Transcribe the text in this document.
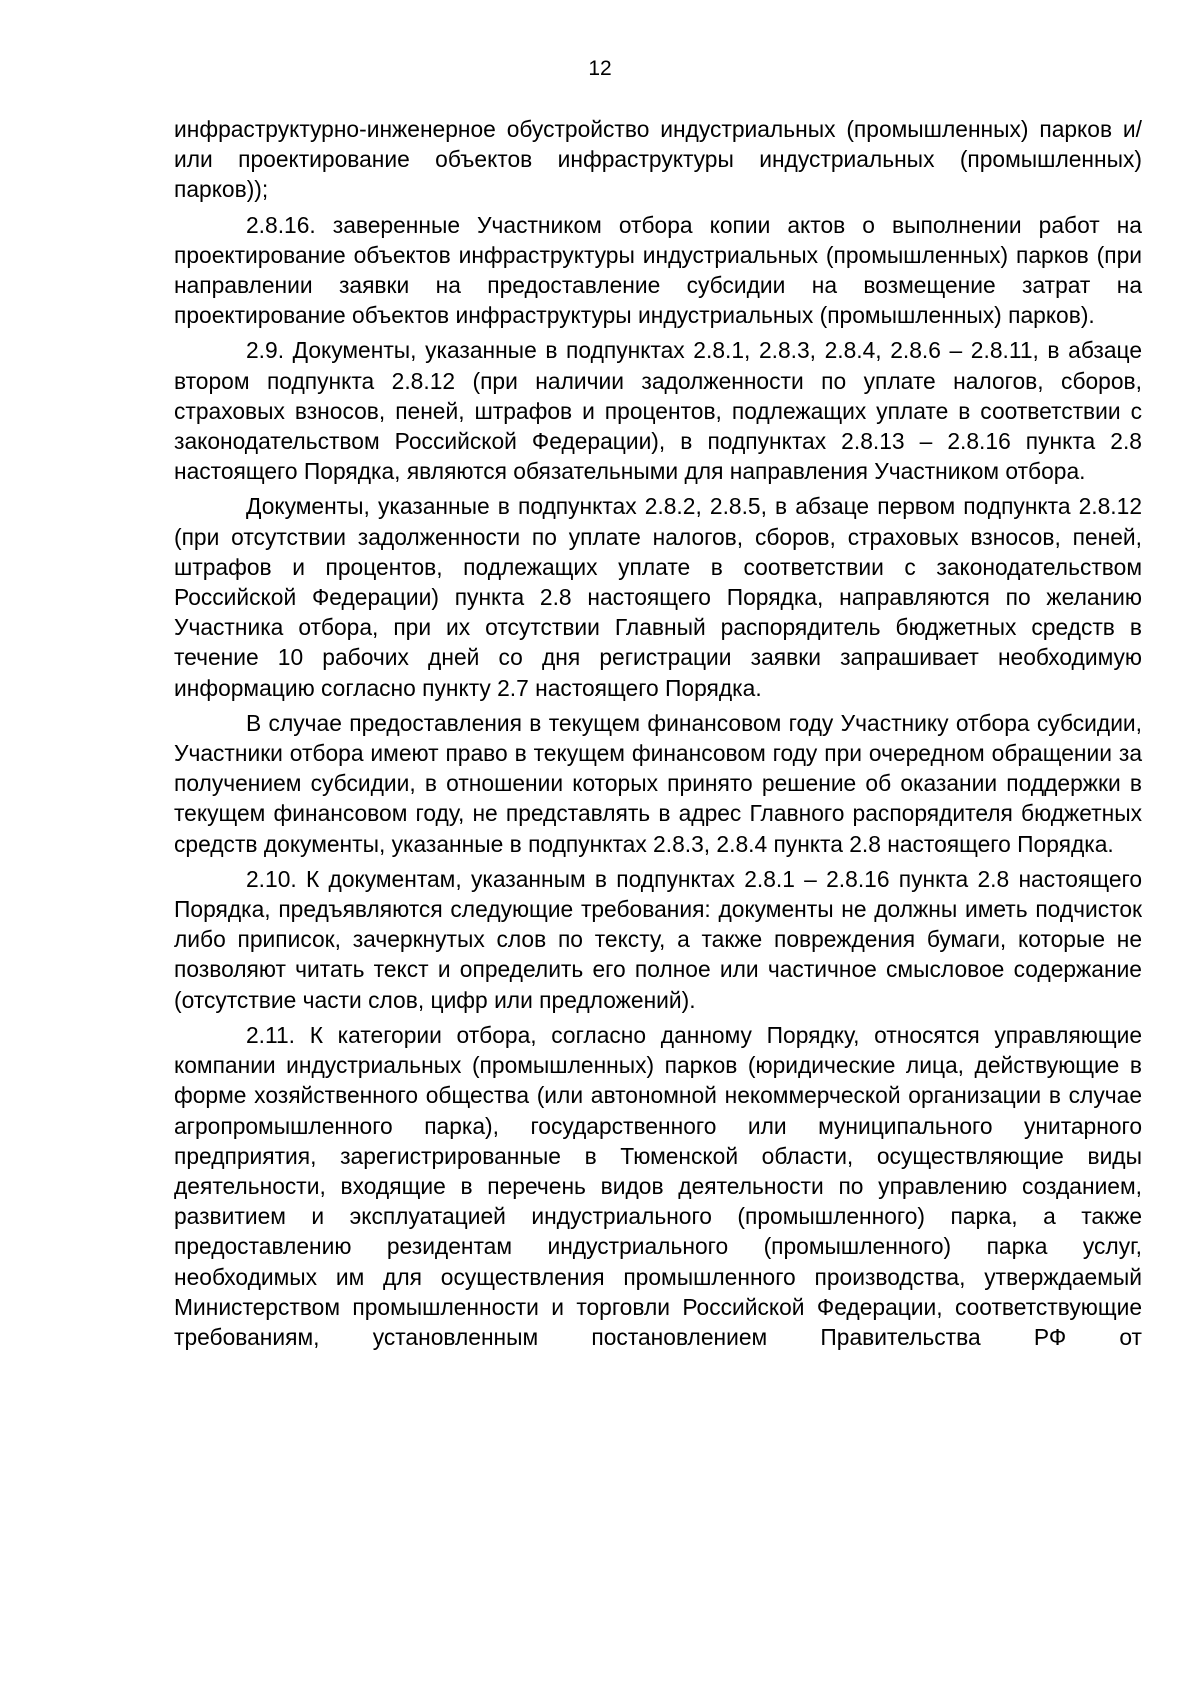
12

инфраструктурно-инженерное обустройство индустриальных (промышленных) парков и/или проектирование объектов инфраструктуры индустриальных (промышленных) парков));

2.8.16. заверенные Участником отбора копии актов о выполнении работ на проектирование объектов инфраструктуры индустриальных (промышленных) парков (при направлении заявки на предоставление субсидии на возмещение затрат на проектирование объектов инфраструктуры индустриальных (промышленных) парков).

2.9. Документы, указанные в подпунктах 2.8.1, 2.8.3, 2.8.4, 2.8.6 – 2.8.11, в абзаце втором подпункта 2.8.12 (при наличии задолженности по уплате налогов, сборов, страховых взносов, пеней, штрафов и процентов, подлежащих уплате в соответствии с законодательством Российской Федерации), в подпунктах 2.8.13 – 2.8.16 пункта 2.8 настоящего Порядка, являются обязательными для направления Участником отбора.

Документы, указанные в подпунктах 2.8.2, 2.8.5, в абзаце первом подпункта 2.8.12 (при отсутствии задолженности по уплате налогов, сборов, страховых взносов, пеней, штрафов и процентов, подлежащих уплате в соответствии с законодательством Российской Федерации) пункта 2.8 настоящего Порядка, направляются по желанию Участника отбора, при их отсутствии Главный распорядитель бюджетных средств в течение 10 рабочих дней со дня регистрации заявки запрашивает необходимую информацию согласно пункту 2.7 настоящего Порядка.

В случае предоставления в текущем финансовом году Участнику отбора субсидии, Участники отбора имеют право в текущем финансовом году при очередном обращении за получением субсидии, в отношении которых принято решение об оказании поддержки в текущем финансовом году, не представлять в адрес Главного распорядителя бюджетных средств документы, указанные в подпунктах 2.8.3, 2.8.4 пункта 2.8 настоящего Порядка.

2.10. К документам, указанным в подпунктах 2.8.1 – 2.8.16 пункта 2.8 настоящего Порядка, предъявляются следующие требования: документы не должны иметь подчисток либо приписок, зачеркнутых слов по тексту, а также повреждения бумаги, которые не позволяют читать текст и определить его полное или частичное смысловое содержание (отсутствие части слов, цифр или предложений).

2.11. К категории отбора, согласно данному Порядку, относятся управляющие компании индустриальных (промышленных) парков (юридические лица, действующие в форме хозяйственного общества (или автономной некоммерческой организации в случае агропромышленного парка), государственного или муниципального унитарного предприятия, зарегистрированные в Тюменской области, осуществляющие виды деятельности, входящие в перечень видов деятельности по управлению созданием, развитием и эксплуатацией индустриального (промышленного) парка, а также предоставлению резидентам индустриального (промышленного) парка услуг, необходимых им для осуществления промышленного производства, утверждаемый Министерством промышленности и торговли Российской Федерации, соответствующие требованиям, установленным постановлением Правительства РФ от
